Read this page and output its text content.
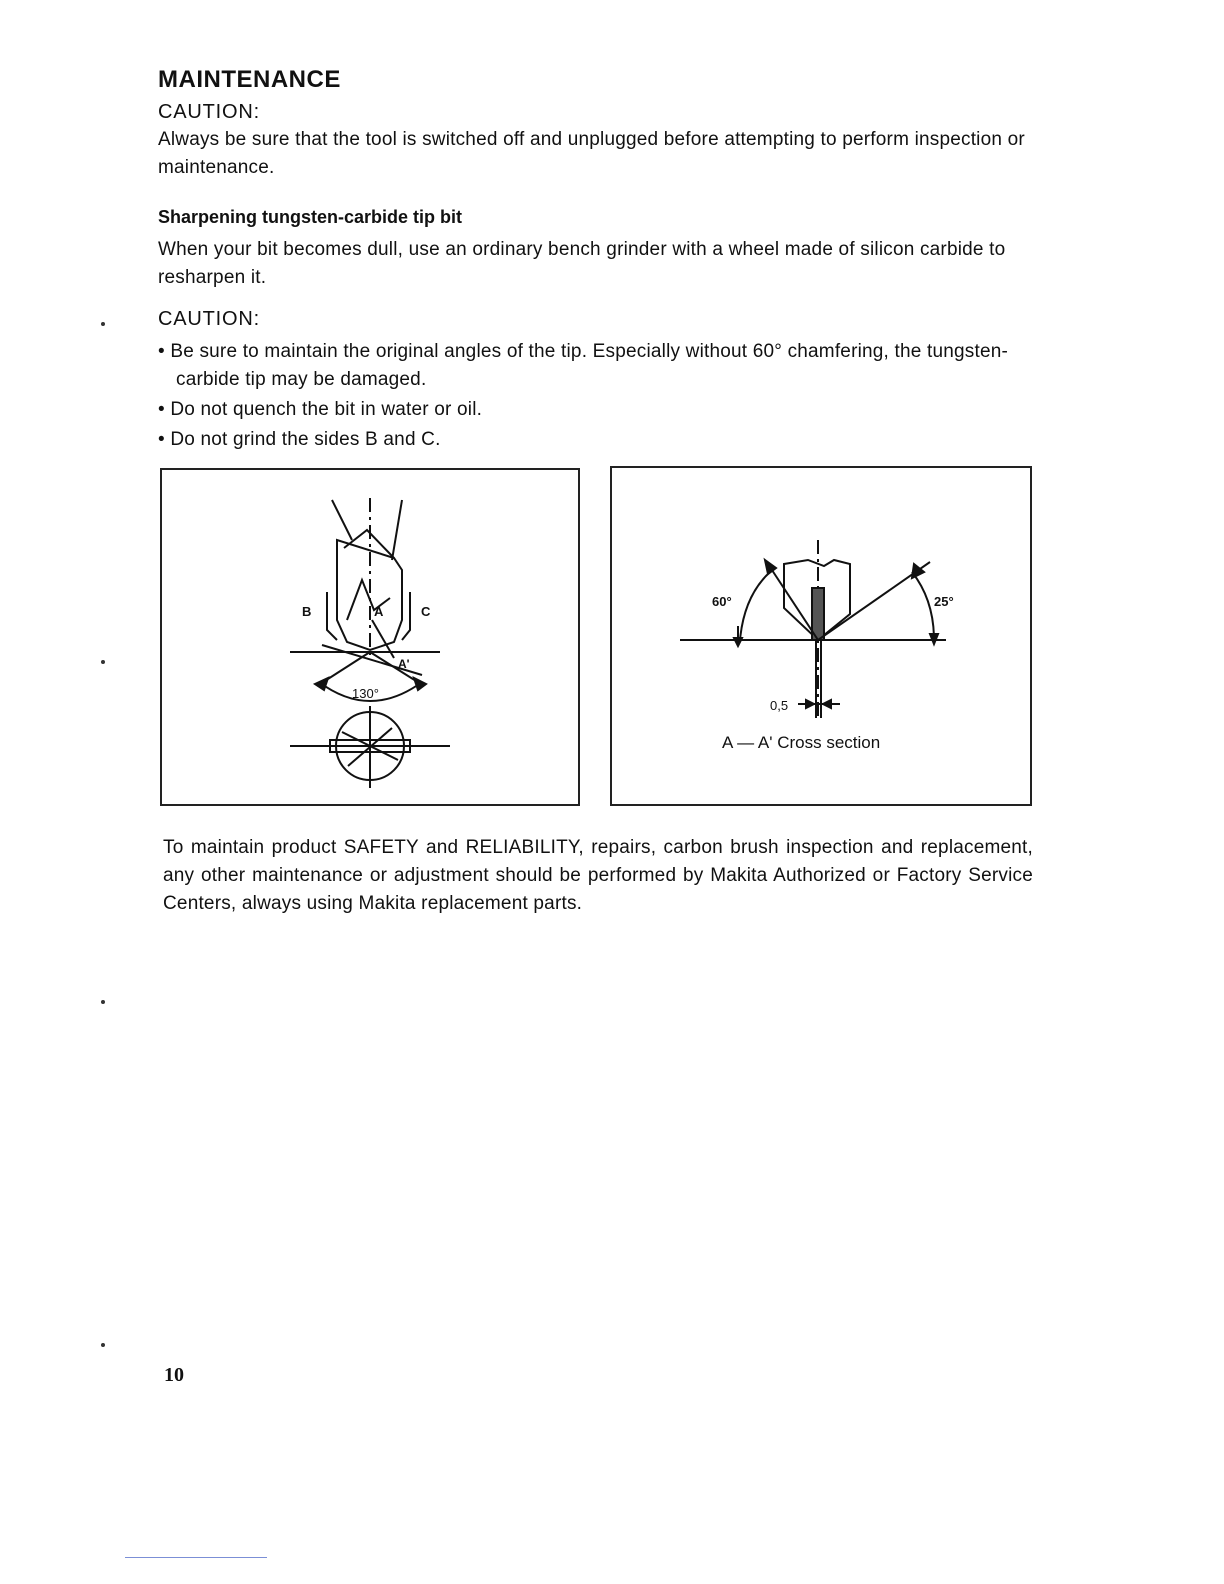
MAINTENANCE
CAUTION:
Always be sure that the tool is switched off and unplugged before attempting to perform inspection or maintenance.
Sharpening tungsten-carbide tip bit
When your bit becomes dull, use an ordinary bench grinder with a wheel made of silicon carbide to resharpen it.
CAUTION:
• Be sure to maintain the original angles of the tip. Especially without 60° chamfering, the tungsten-carbide tip may be damaged.
• Do not quench the bit in water or oil.
• Do not grind the sides B and C.
B	A	C
A'
130°
60°	25°
0,5
A — A' Cross section
To maintain product SAFETY and RELIABILITY, repairs, carbon brush inspection and replacement, any other maintenance or adjustment should be performed by Makita Authorized or Factory Service Centers, always using Makita replacement parts.
10
